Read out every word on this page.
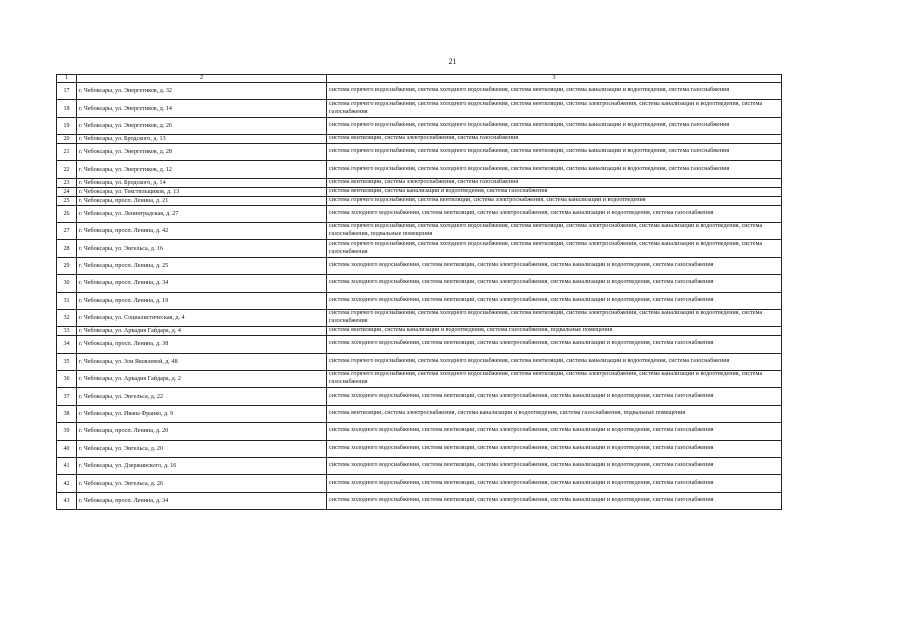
21
1	2	3
17	г. Чебоксары, ул. Энергетиков, д. 32	система горячего водоснабжения, система холодного водоснабжения, система вентиляции, система канализации и водоотведения, система газоснабжения
18	г. Чебоксары, ул. Энергетиков, д. 14	система горячего водоснабжения, система холодного водоснабжения, система вентиляции, система электроснабжения, система канализации и водоотведения, система газоснабжения
19	г. Чебоксары, ул. Энергетиков, д. 26	система горячего водоснабжения, система холодного водоснабжения, система вентиляции, система канализации и водоотведения, система газоснабжения
20	г. Чебоксары, ул. Бродского, д. 13	система вентиляции, система электроснабжения, система газоснабжения
21	г. Чебоксары, ул. Энергетиков, д. 28	система горячего водоснабжения, система холодного водоснабжения, система вентиляции, система канализации и водоотведения, система газоснабжения
22	г. Чебоксары, ул. Энергетиков, д. 12	система горячего водоснабжения, система холодного водоснабжения, система вентиляции, система канализации и водоотведения, система газоснабжения
23	г. Чебоксары, ул. Бродского, д. 14	система вентиляции, система электроснабжения, система газоснабжения
24	г. Чебоксары, ул. Текстильщиков, д. 13	система вентиляции, система канализации и водоотведения, система газоснабжения
25	г. Чебоксары, просп. Ленина, д. 21	система горячего водоснабжения, система вентиляции, система электроснабжения, система канализации и водоотведения
26	г. Чебоксары, ул. Ленинградская, д. 27	система холодного водоснабжения, система вентиляции, система электроснабжения, система канализации и водоотведения, система газоснабжения
27	г. Чебоксары, просп. Ленина, д. 42	система горячего водоснабжения, система холодного водоснабжения, система вентиляции, система электроснабжения, система канализации и водоотведения, система газоснабжения, подвальные помещения
28	г. Чебоксары, ул. Энгельса, д. 16	система горячего водоснабжения, система холодного водоснабжения, система вентиляции, система электроснабжения, система канализации и водоотведения, система газоснабжения
29	г. Чебоксары, просп. Ленина, д. 25	система холодного водоснабжения, система вентиляции, система электроснабжения, система канализации и водоотведения, система газоснабжения
30	г. Чебоксары, просп. Ленина, д. 34	система холодного водоснабжения, система вентиляции, система электроснабжения, система канализации и водоотведения, система газоснабжения
31	г. Чебоксары, просп. Ленина, д. 19	система холодного водоснабжения, система вентиляции, система электроснабжения, система канализации и водоотведения, система газоснабжения
32	г. Чебоксары, ул. Социалистическая, д. 4	система горячего водоснабжения, система холодного водоснабжения, система вентиляции, система электроснабжения, система канализации и водоотведения, система газоснабжения
33	г. Чебоксары, ул. Аркадия Гайдара, д. 4	система вентиляции, система канализации и водоотведения, система газоснабжения, подвальные помещения
34	г. Чебоксары, просп. Ленина, д. 38	система холодного водоснабжения, система вентиляции, система электроснабжения, система канализации и водоотведения, система газоснабжения
35	г. Чебоксары, ул. Зои Яковлевой, д. 48	система горячего водоснабжения, система холодного водоснабжения, система вентиляции, система канализации и водоотведения, система газоснабжения
36	г. Чебоксары, ул. Аркадия Гайдара, д. 2	система горячего водоснабжения, система холодного водоснабжения, система вентиляции, система электроснабжения, система канализации и водоотведения, система газоснабжения
37	г. Чебоксары, ул. Энгельса, д. 22	система холодного водоснабжения, система вентиляции, система электроснабжения, система канализации и водоотведения, система газоснабжения
38	г. Чебоксары, ул. Ивана Франко, д. 9	система вентиляции, система электроснабжения, система канализации и водоотведения, система газоснабжения, подвальные помещения
39	г. Чебоксары, просп. Ленина, д. 20	система холодного водоснабжения, система вентиляции, система электроснабжения, система канализации и водоотведения, система газоснабжения
40	г. Чебоксары, ул. Энгельса, д. 20	система холодного водоснабжения, система вентиляции, система электроснабжения, система канализации и водоотведения, система газоснабжения
41	г. Чебоксары, ул. Дзержинского, д. 16	система холодного водоснабжения, система вентиляции, система электроснабжения, система канализации и водоотведения, система газоснабжения
42	г. Чебоксары, ул. Энгельса, д. 26	система холодного водоснабжения, система вентиляции, система электроснабжения, система канализации и водоотведения, система газоснабжения
43	г. Чебоксары, просп. Ленина, д. 34	система холодного водоснабжения, система вентиляции, система электроснабжения, система канализации и водоотведения, система газоснабжения
